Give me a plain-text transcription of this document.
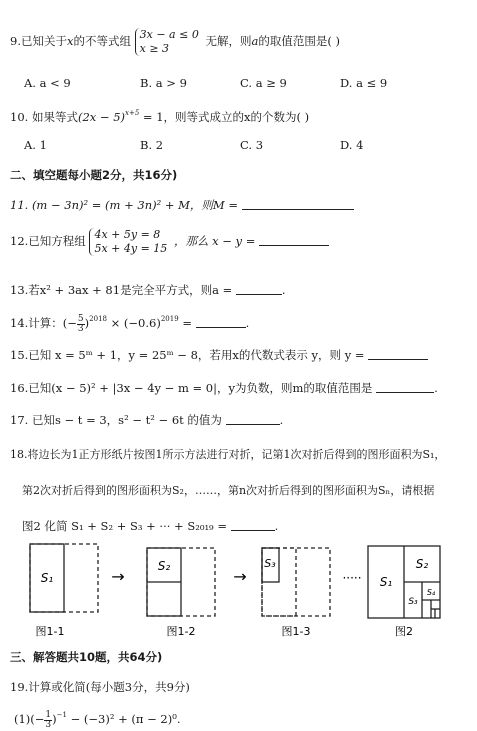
9.已知关于x的不等式组 3x − a ≤ 0
x ≥ 3
无解，则a的取值范围是( )
A. a < 9	B. a > 9	C. a ≥ 9	D. a ≤ 9
10. 如果等式$(2x - 5)^{x+5} = 1$，则等式成立的x的个数为( )
A. 1	B. 2	C. 3	D. 4
二、填空题每小题2分，共16分)
11. (m − 3n)² = (m + 3n)² + M，则M =
12.已知方程组 4x + 5y = 8
5x + 4y = 15
，那么 x − y =
13.若x² + 3ax + 81是完全平方式，则a =	.
14.计算：(− $\frac{5}{3} )^{2018} \times (-0.6)^{2019}$ =	.
15.已知 x = 5ᵐ + 1，y = 25ᵐ − 8，若用x的代数式表示 y，则 y =
16.已知(x − 5)² + |3x − 4y − m = 0|，y为负数，则m的取值范围是	.
17. 已知s − t = 3，s² − t² − 6t 的值为	.
18.将边长为1正方形纸片按图1所示方法进行对折，记第1次对折后得到的图形面积为S₁，
第2次对折后得到的图形面积为S₂，……，第n次对折后得到的图形面积为Sₙ，请根据
图2 化简 S₁ + S₂ + S₃ + ··· + S₂₀₁₉ =	.
S₁
图1-1
→
S₂
图1-2
→
S₃
图1-3
····· S₁
S₂
S₃
S₄
图2
三、解答题共10题，共64分)
19.计算或化简(每小题3分，共9分)
$(1)(- \frac{1}{3} )^{-1} - (-3)^2 + (\pi - 2)^0$.
